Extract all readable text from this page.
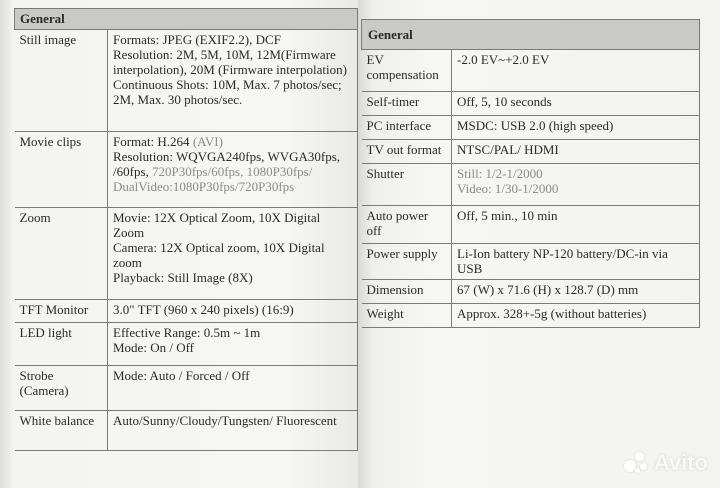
General	
Still image	Formats: JPEG (EXIF2.2), DCF
Resolution: 2M, 5M, 10M, 12M(Firmware interpolation), 20M (Firmware interpolation)
Continuous Shots: 10M, Max. 7 photos/sec; 2M, Max. 30 photos/sec.

Movie clips	Format: H.264 (AVI)
Resolution: WQVGA240fps, WVGA30fps, /60fps, 720P30fps/60fps, 1080P30fps/ DualVideo:1080P30fps/720P30fps

Zoom	Movie: 12X Optical Zoom, 10X Digital Zoom
Camera: 12X Optical zoom, 10X Digital zoom
Playback: Still Image (8X)

TFT Monitor	3.0" TFT (960 x 240 pixels) (16:9)

LED light	Effective Range: 0.5m ~ 1m
Mode: On / Off

Strobe (Camera)	Mode: Auto / Forced / Off

White balance	Auto/Sunny/Cloudy/Tungsten/ Fluorescent
General	
EV compensation	-2.0 EV~+2.0 EV

Self-timer	Off, 5, 10 seconds

PC interface	MSDC: USB 2.0 (high speed)

TV out format	NTSC/PAL/ HDMI

Shutter	Still: 1/2-1/2000
Video: 1/30-1/2000

Auto power off	Off, 5 min., 10 min

Power supply	Li-Ion battery NP-120 battery/DC-in via USB

Dimension	67 (W) x 71.6 (H) x 128.7 (D) mm

Weight	Approx. 328+-5g (without batteries)
Avito
